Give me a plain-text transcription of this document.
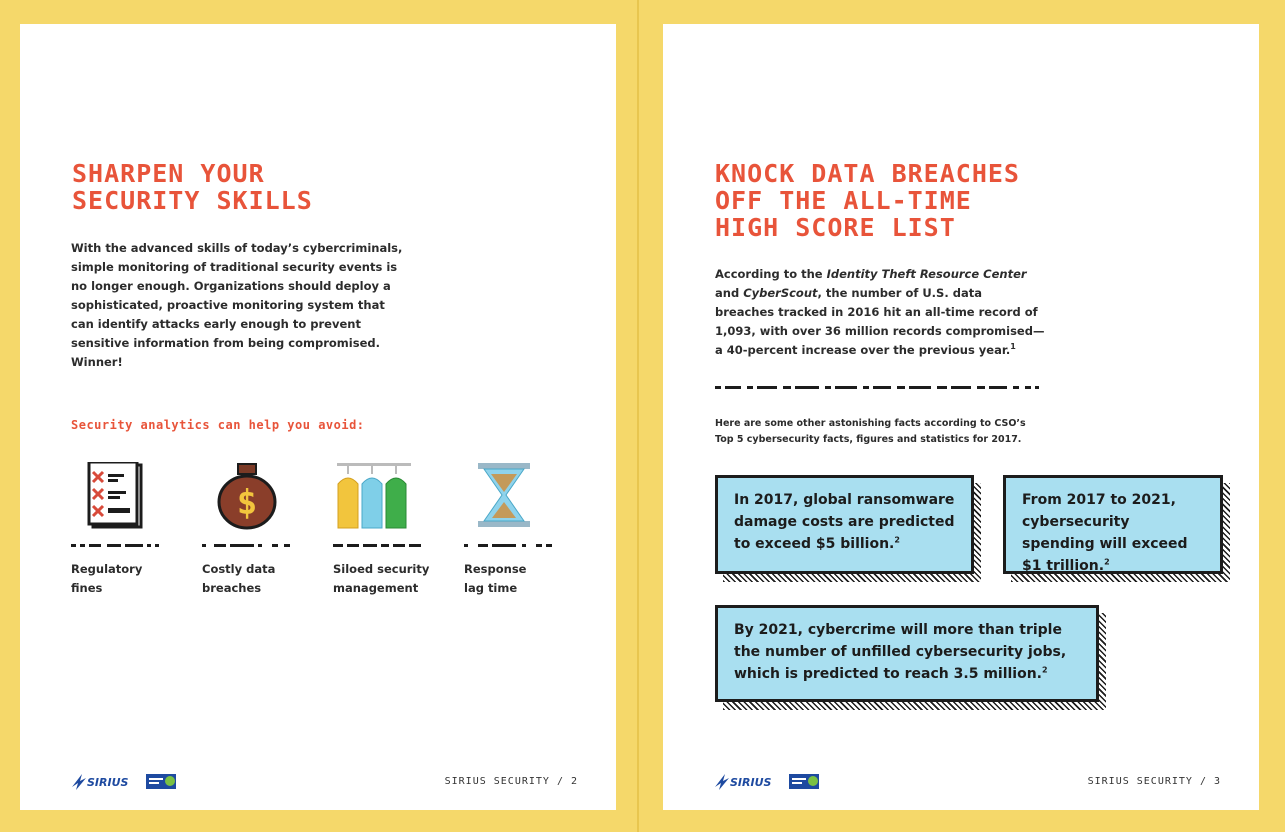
SHARPEN YOUR
SECURITY SKILLS

With the advanced skills of today’s cybercriminals, simple monitoring of traditional security events is no longer enough. Organizations should deploy a sophisticated, proactive monitoring system that can identify attacks early enough to prevent sensitive information from being compromised. Winner!

Security analytics can help you avoid:

Regulatory
fines
$
Costly data
breaches
Siloed security
management
Response
lag time
SIRIUS	SIRIUS SECURITY / 2
KNOCK DATA BREACHES
OFF THE ALL-TIME
HIGH SCORE LIST

According to the Identity Theft Resource Center and CyberScout, the number of U.S. data breaches tracked in 2016 hit an all-time record of 1,093, with over 36 million records compromised—a 40-percent increase over the previous year.$^1$

Here are some other astonishing facts according to CSO’s Top 5 cybersecurity facts, figures and statistics for 2017.

In 2017, global ransomware damage costs are predicted to exceed $5 billion.$^2$
From 2017 to 2021, cybersecurity spending will exceed $1 trillion.$^2$
By 2021, cybercrime will more than triple the number of unfilled cybersecurity jobs, which is predicted to reach 3.5 million.$^2$
SIRIUS	SIRIUS SECURITY / 3
